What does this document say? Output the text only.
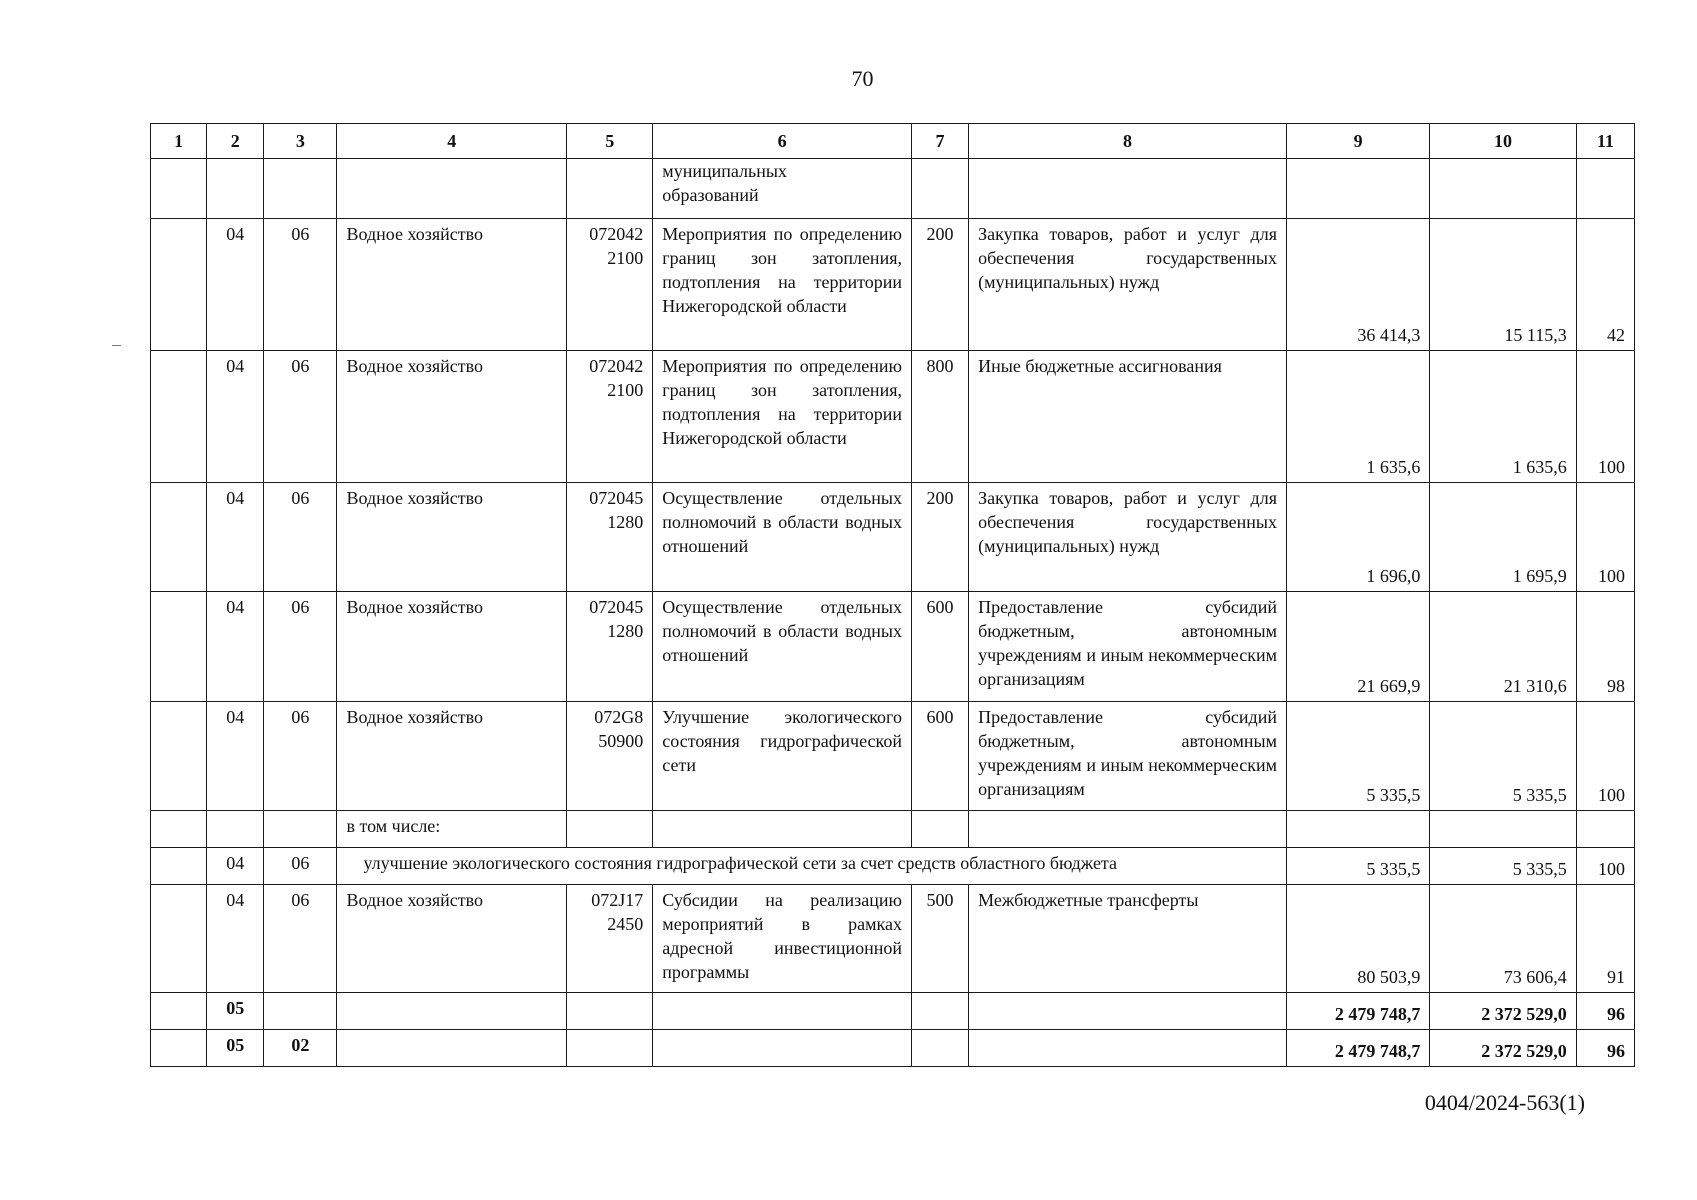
70
1	2	3	4	5	6	7	8	9	10	11
					муниципальных образований					
	04	06	Водное хозяйство	072042 2100	Мероприятия по определению границ зон затопления, подтопления на территории Нижегородской области	200	Закупка товаров, работ и услуг для обеспечения государственных (муниципальных) нужд	36 414,3	15 115,3	42
	04	06	Водное хозяйство	072042 2100	Мероприятия по определению границ зон затопления, подтопления на территории Нижегородской области	800	Иные бюджетные ассигнования	1 635,6	1 635,6	100
	04	06	Водное хозяйство	072045 1280	Осуществление отдельных полномочий в области водных отношений	200	Закупка товаров, работ и услуг для обеспечения государственных (муниципальных) нужд	1 696,0	1 695,9	100
	04	06	Водное хозяйство	072045 1280	Осуществление отдельных полномочий в области водных отношений	600	Предоставление субсидий бюджетным, автономным учреждениям и иным некоммерческим организациям	21 669,9	21 310,6	98
	04	06	Водное хозяйство	072G8 50900	Улучшение экологического состояния гидрографической сети	600	Предоставление субсидий бюджетным, автономным учреждениям и иным некоммерческим организациям	5 335,5	5 335,5	100
			в том числе:							
	04	06	улучшение экологического состояния гидрографической сети за счет средств областного бюджета					5 335,5	5 335,5	100
	04	06	Водное хозяйство	072J17 2450	Субсидии на реализацию мероприятий в рамках адресной инвестиционной программы	500	Межбюджетные трансферты	80 503,9	73 606,4	91
	05							2 479 748,7	2 372 529,0	96
	05	02						2 479 748,7	2 372 529,0	96
0404/2024-563(1)
